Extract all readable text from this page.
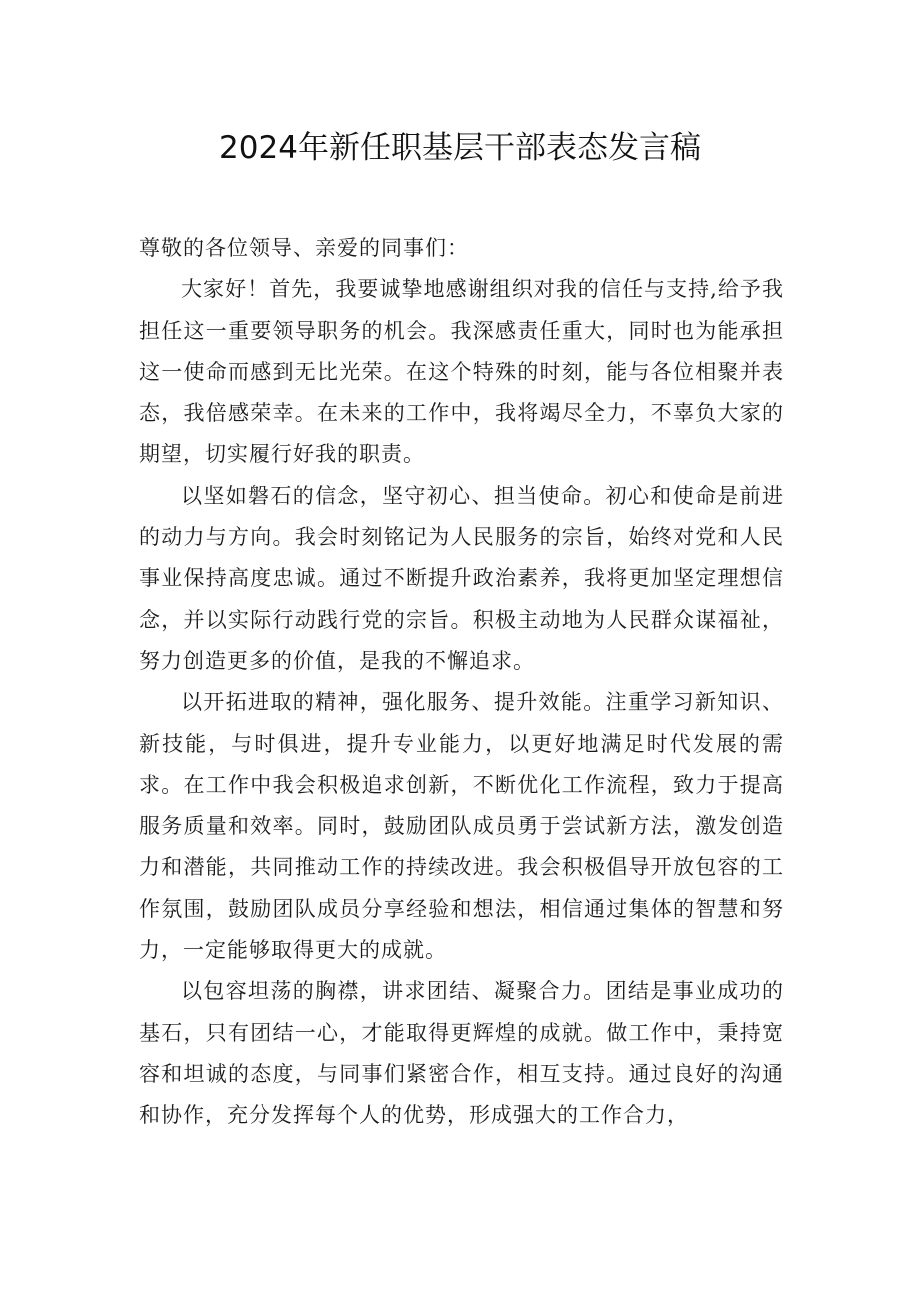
2024年新任职基层干部表态发言稿

尊敬的各位领导、亲爱的同事们：

大家好！首先，我要诚挚地感谢组织对我的信任与支持,给予我担任这一重要领导职务的机会。我深感责任重大，同时也为能承担这一使命而感到无比光荣。在这个特殊的时刻，能与各位相聚并表态，我倍感荣幸。在未来的工作中，我将竭尽全力，不辜负大家的期望，切实履行好我的职责。

以坚如磐石的信念，坚守初心、担当使命。初心和使命是前进的动力与方向。我会时刻铭记为人民服务的宗旨，始终对党和人民事业保持高度忠诚。通过不断提升政治素养，我将更加坚定理想信念，并以实际行动践行党的宗旨。积极主动地为人民群众谋福祉，努力创造更多的价值，是我的不懈追求。

以开拓进取的精神，强化服务、提升效能。注重学习新知识、新技能，与时俱进，提升专业能力，以更好地满足时代发展的需求。在工作中我会积极追求创新，不断优化工作流程，致力于提高服务质量和效率。同时，鼓励团队成员勇于尝试新方法，激发创造力和潜能，共同推动工作的持续改进。我会积极倡导开放包容的工作氛围，鼓励团队成员分享经验和想法，相信通过集体的智慧和努力，一定能够取得更大的成就。

以包容坦荡的胸襟，讲求团结、凝聚合力。团结是事业成功的基石，只有团结一心，才能取得更辉煌的成就。做工作中，秉持宽容和坦诚的态度，与同事们紧密合作，相互支持。通过良好的沟通和协作，充分发挥每个人的优势，形成强大的工作合力，
